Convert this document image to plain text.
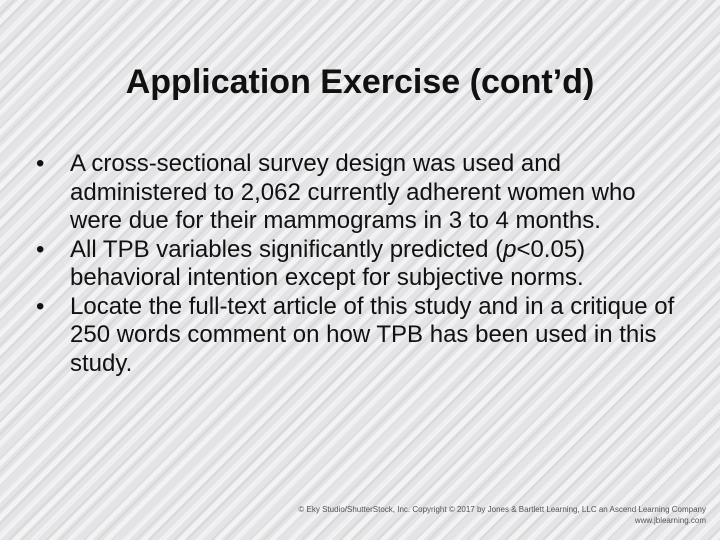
Application Exercise (cont’d)
•	A cross-sectional survey design was used and administered to 2,062 currently adherent women who were due for their mammograms in 3 to 4 months.
•	All TPB variables significantly predicted (p<0.05) behavioral intention except for subjective norms.
•	Locate the full-text article of this study and in a critique of 250 words comment on how TPB has been used in this study.
© Eky Studio/ShutterStock, Inc. Copyright © 2017 by Jones & Bartlett Learning, LLC an Ascend Learning Company
www.jblearning.com
